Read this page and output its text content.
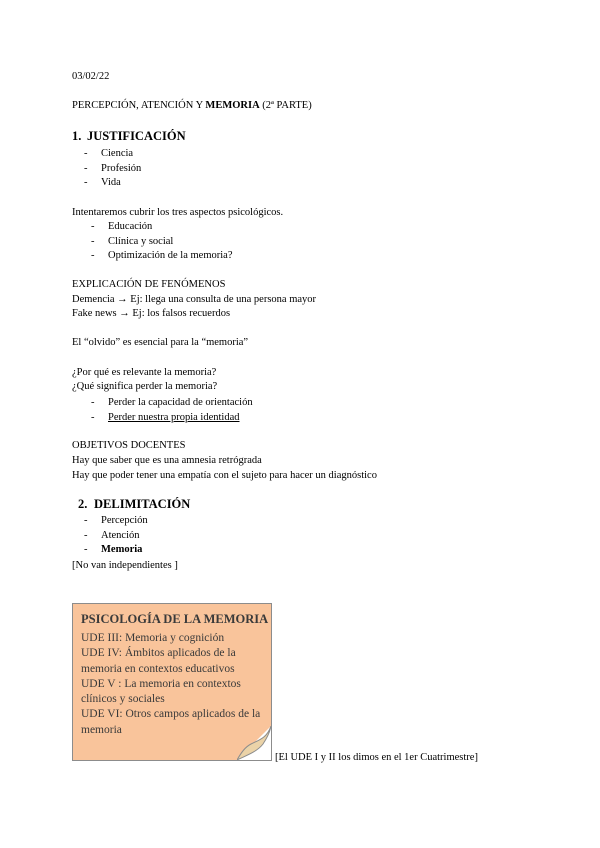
03/02/22
PERCEPCIÓN, ATENCIÓN Y MEMORIA (2ª PARTE)
1. JUSTIFICACIÓN
- Ciencia
- Profesión
- Vida
Intentaremos cubrir los tres aspectos psicológicos.
- Educación
- Clínica y social
- Optimización de la memoria?
EXPLICACIÓN DE FENÓMENOS
Demencia → Ej: llega una consulta de una persona mayor
Fake news → Ej: los falsos recuerdos
El “olvido” es esencial para la “memoria”
¿Por qué es relevante la memoria?
¿Qué significa perder la memoria?
- Perder la capacidad de orientación
- Perder nuestra propia identidad
OBJETIVOS DOCENTES
Hay que saber que es una amnesia retrógrada
Hay que poder tener una empatía con el sujeto para hacer un diagnóstico
2. DELIMITACIÓN
- Percepción
- Atención
- Memoria
[No van independientes ]
PSICOLOGÍA DE LA MEMORIA
UDE III: Memoria y cognición
UDE IV: Ámbitos aplicados de la memoria en contextos educativos
UDE V : La memoria en contextos clínicos y sociales
UDE VI: Otros campos aplicados de la memoria
[El UDE I y II los dimos en el 1er Cuatrimestre]
